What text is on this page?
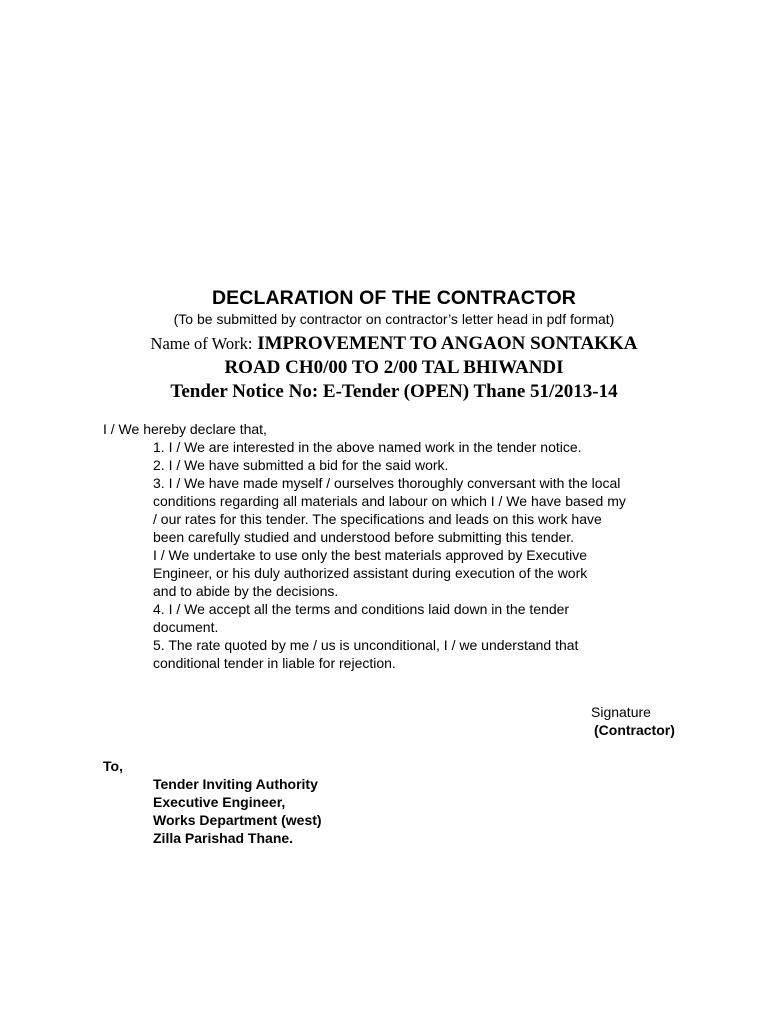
DECLARATION OF THE CONTRACTOR
(To be submitted by contractor on contractor’s letter head in pdf format)
Name of Work: IMPROVEMENT TO ANGAON SONTAKKA
ROAD CH0/00 TO 2/00 TAL BHIWANDI
Tender Notice No: E-Tender (OPEN) Thane 51/2013-14
I / We hereby declare that,
1. I / We are interested in the above named work in the tender notice.
2. I / We have submitted a bid for the said work.
3. I / We have made myself / ourselves thoroughly conversant with the local
conditions regarding all materials and labour on which I / We have based my
/ our rates for this tender. The specifications and leads on this work have
been carefully studied and understood before submitting this tender.
I / We undertake to use only the best materials approved by Executive
Engineer, or his duly authorized assistant during execution of the work
and to abide by the decisions.
4. I / We accept all the terms and conditions laid down in the tender
document.
5. The rate quoted by me / us is unconditional, I / we understand that
conditional tender in liable for rejection.
Signature
(Contractor)
To,
Tender Inviting Authority
Executive Engineer,
Works Department (west)
Zilla Parishad Thane.
